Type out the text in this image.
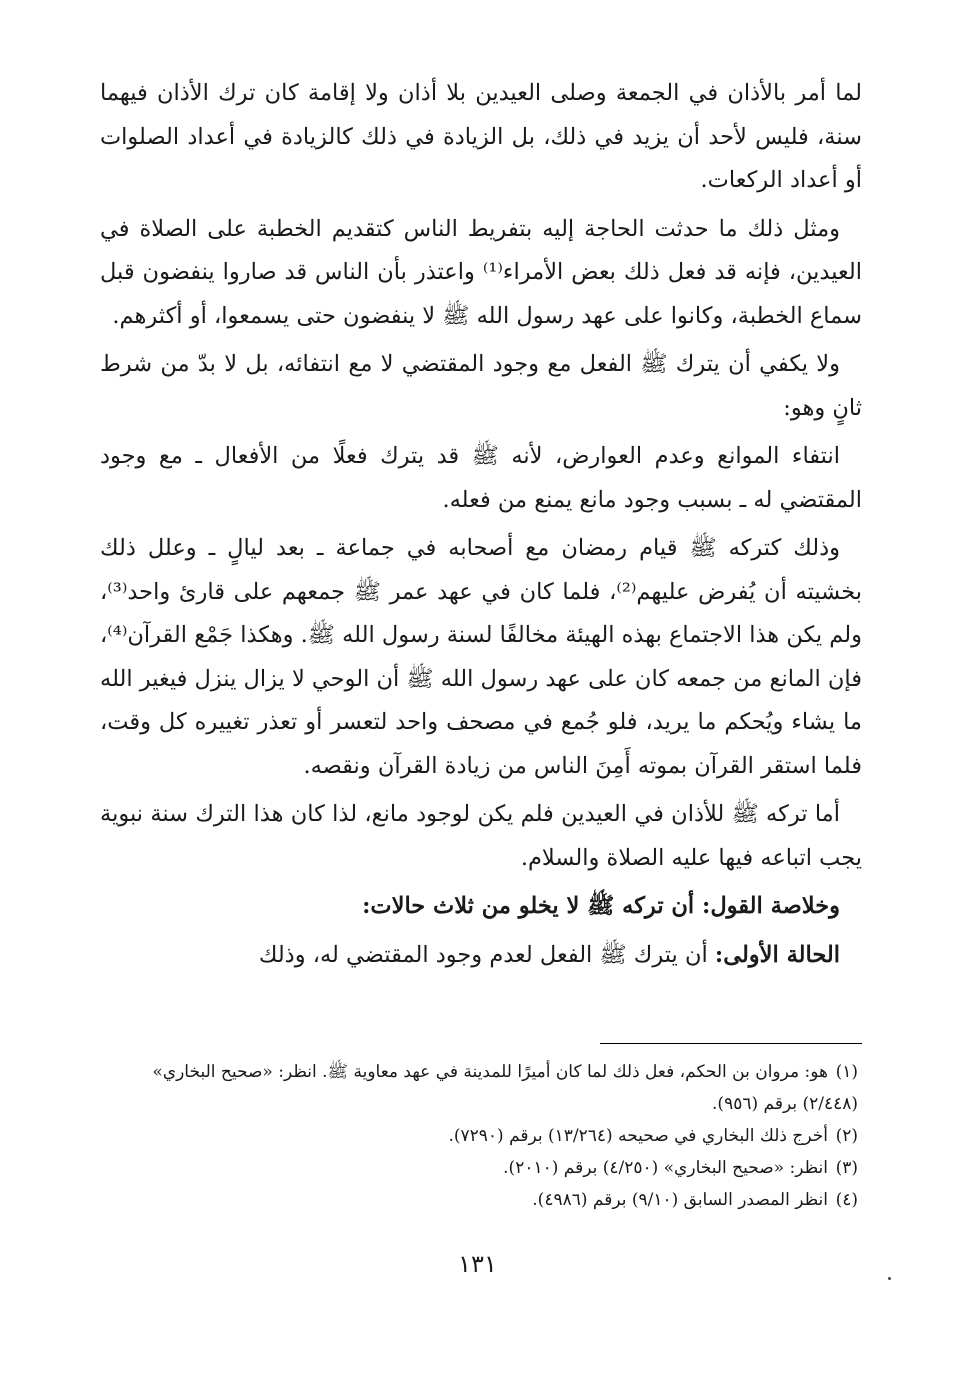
لما أمر بالأذان في الجمعة وصلى العيدين بلا أذان ولا إقامة كان ترك الأذان فيهما سنة، فليس لأحد أن يزيد في ذلك، بل الزيادة في ذلك كالزيادة في أعداد الصلوات أو أعداد الركعات.

ومثل ذلك ما حدثت الحاجة إليه بتفريط الناس كتقديم الخطبة على الصلاة في العيدين، فإنه قد فعل ذلك بعض الأمراء⁽¹⁾ واعتذر بأن الناس قد صاروا ينفضون قبل سماع الخطبة، وكانوا على عهد رسول الله ﷺ لا ينفضون حتى يسمعوا، أو أكثرهم.

ولا يكفي أن يترك ﷺ الفعل مع وجود المقتضي لا مع انتفائه، بل لا بدّ من شرط ثانٍ وهو:

انتفاء الموانع وعدم العوارض، لأنه ﷺ قد يترك فعلًا من الأفعال ـ مع وجود المقتضي له ـ بسبب وجود مانع يمنع من فعله.

وذلك كتركه ﷺ قيام رمضان مع أصحابه في جماعة ـ بعد ليالٍ ـ وعلل ذلك بخشيته أن يُفرض عليهم⁽²⁾، فلما كان في عهد عمر ﷺ جمعهم على قارئ واحد⁽³⁾، ولم يكن هذا الاجتماع بهذه الهيئة مخالفًا لسنة رسول الله ﷺ. وهكذا جَمْع القرآن⁽⁴⁾، فإن المانع من جمعه كان على عهد رسول الله ﷺ أن الوحي لا يزال ينزل فيغير الله ما يشاء ويُحكم ما يريد، فلو جُمع في مصحف واحد لتعسر أو تعذر تغييره كل وقت، فلما استقر القرآن بموته أَمِنَ الناس من زيادة القرآن ونقصه.

أما تركه ﷺ للأذان في العيدين فلم يكن لوجود مانع، لذا كان هذا الترك سنة نبوية يجب اتباعه فيها عليه الصلاة والسلام.

وخلاصة القول: أن تركه ﷺ لا يخلو من ثلاث حالات:

الحالة الأولى: أن يترك ﷺ الفعل لعدم وجود المقتضي له، وذلك

(١)هو: مروان بن الحكم، فعل ذلك لما كان أميرًا للمدينة في عهد معاوية ﷺ. انظر: «صحيح البخاري» (٢/٤٤٨) برقم (٩٥٦).

(٢)أخرج ذلك البخاري في صحيحه (١٣/٢٦٤) برقم (٧٢٩٠).

(٣)انظر: «صحيح البخاري» (٤/٢٥٠) برقم (٢٠١٠).

(٤)انظر المصدر السابق (٩/١٠) برقم (٤٩٨٦).

١٣١
